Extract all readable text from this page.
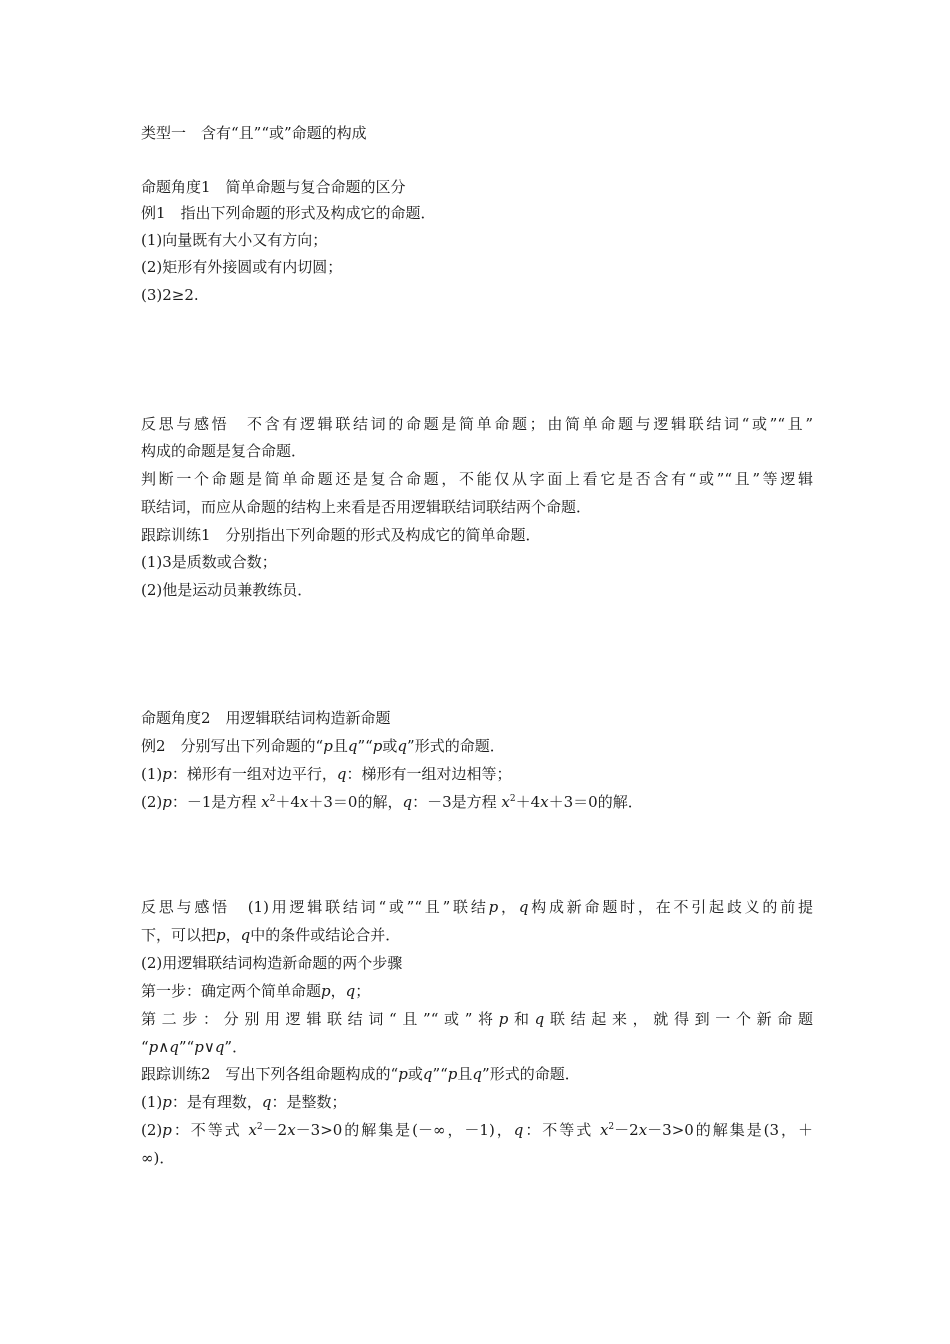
类型一　含有“且”“或”命题的构成
命题角度1　简单命题与复合命题的区分
例1　指出下列命题的形式及构成它的命题．
(1)向量既有大小又有方向；
(2)矩形有外接圆或有内切圆；
(3)2≥2.
反思与感悟　不含有逻辑联结词的命题是简单命题；由简单命题与逻辑联结词“或”“且”
构成的命题是复合命题．
判断一个命题是简单命题还是复合命题，不能仅从字面上看它是否含有“或”“且”等逻辑
联结词，而应从命题的结构上来看是否用逻辑联结词联结两个命题．
跟踪训练1　分别指出下列命题的形式及构成它的简单命题．
(1)3是质数或合数；
(2)他是运动员兼教练员．
命题角度2　用逻辑联结词构造新命题
例2　分别写出下列命题的“p且q”“p或q”形式的命题．
(1)p：梯形有一组对边平行，q：梯形有一组对边相等；
(2)p：－1是方程 $x^2+4x+3=0$的解，q：－3是方程 $x^2+4x+3=0$的解．
反思与感悟　(1)用逻辑联结词“或”“且”联结p，q构成新命题时，在不引起歧义的前提
下，可以把p，q中的条件或结论合并．
(2)用逻辑联结词构造新命题的两个步骤
第一步：确定两个简单命题p，q；
第二步：分别用逻辑联结词“且”“或”将p和q联结起来，就得到一个新命题
“p∧q”“p∨q”．
跟踪训练2　写出下列各组命题构成的“p或q”“p且q”形式的命题．
(1)p：是有理数，q：是整数；
(2)p：不等式 $x^2-2x-3>0$的解集是(－∞，－1)，q：不等式 $x^2-2x-3>0$的解集是(3，＋
∞)．
